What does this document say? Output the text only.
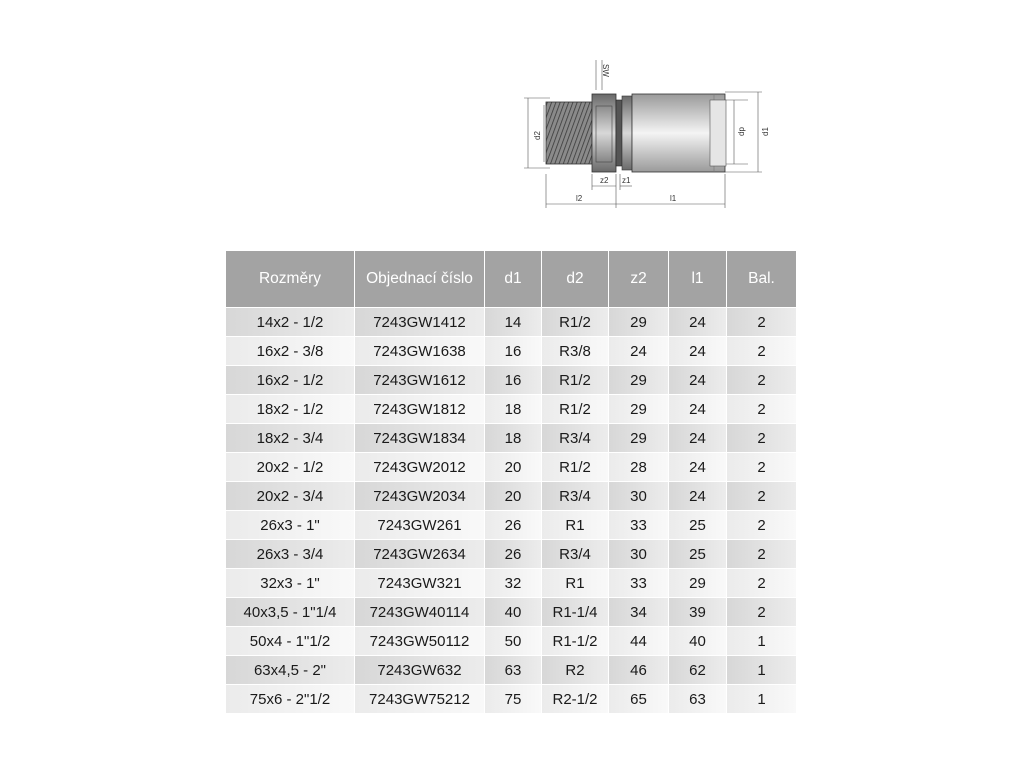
SW
d2
z2 z1
l2	l1
dp d1
Rozměry	Objednací číslo	d1	d2	z2	l1	Bal.
14x2 - 1/2	7243GW1412	14	R1/2	29	24	2
16x2 - 3/8	7243GW1638	16	R3/8	24	24	2
16x2 - 1/2	7243GW1612	16	R1/2	29	24	2
18x2 - 1/2	7243GW1812	18	R1/2	29	24	2
18x2 - 3/4	7243GW1834	18	R3/4	29	24	2
20x2 - 1/2	7243GW2012	20	R1/2	28	24	2
20x2 - 3/4	7243GW2034	20	R3/4	30	24	2
26x3 - 1"	7243GW261	26	R1	33	25	2
26x3 - 3/4	7243GW2634	26	R3/4	30	25	2
32x3 - 1"	7243GW321	32	R1	33	29	2
40x3,5 - 1"1/4	7243GW40114	40	R1-1/4	34	39	2
50x4 - 1"1/2	7243GW50112	50	R1-1/2	44	40	1
63x4,5 - 2"	7243GW632	63	R2	46	62	1
75x6 - 2"1/2	7243GW75212	75	R2-1/2	65	63	1
